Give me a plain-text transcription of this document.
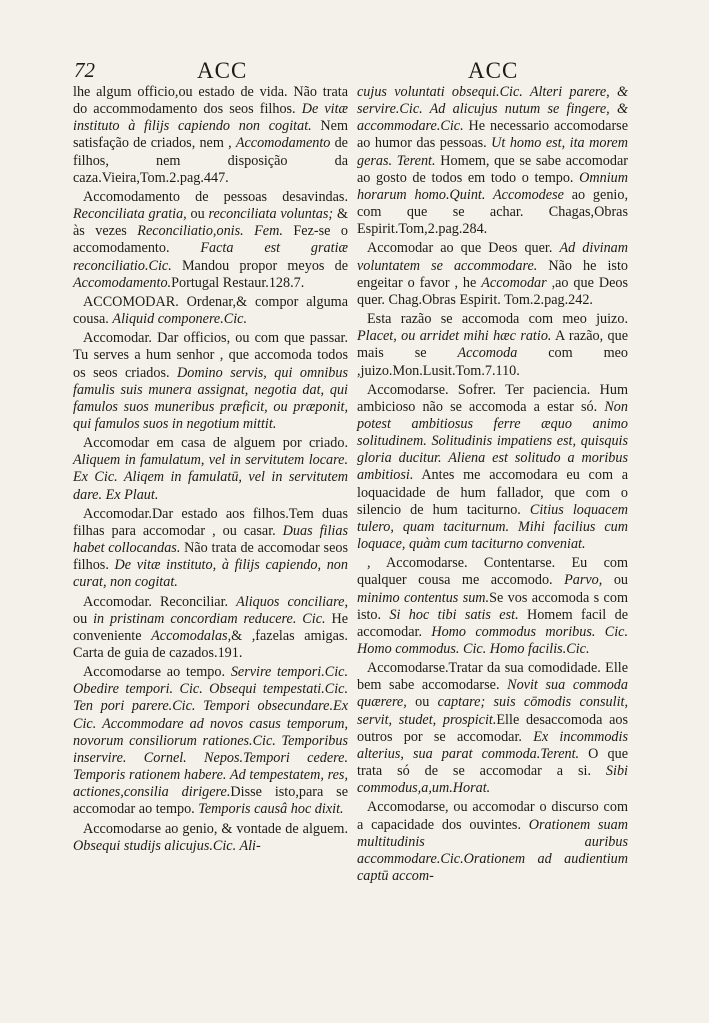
72	ACC	ACC

lhe algum officio,ou estado de vida. Não trata do accommodamento dos seos filhos. De vitæ instituto à filijs capiendo non cogitat. Nem satisfação de criados, nem , Accomodamento de filhos, nem disposição da caza.Vieira,Tom.2.pag.447.

Accomodamento de pessoas desavindas. Reconciliata gratia, ou reconciliata voluntas; & às vezes Reconciliatio,onis. Fem. Fez-se o accomodamento. Facta est gratiæ reconciliatio.Cic. Mandou propor meyos de Accomodamento.Portugal Restaur.128.7.

ACCOMODAR. Ordenar,& compor alguma cousa. Aliquid componere.Cic.

Accomodar. Dar officios, ou com que passar. Tu serves a hum senhor , que accomoda todos os seos criados. Domino servis, qui omnibus famulis suis munera assignat, negotia dat, qui famulos suos muneribus præficit, ou præponit, qui famulos suos in negotium mittit.

Accomodar em casa de alguem por criado. Aliquem in famulatum, vel in servitutem locare. Ex Cic. Aliqem in famulatū, vel in servitutem dare. Ex Plaut.

Accomodar.Dar estado aos filhos.Tem duas filhas para accomodar , ou casar. Duas filias habet collocandas. Não trata de accomodar seos filhos. De vitæ instituto, à filijs capiendo, non curat, non cogitat.

Accomodar. Reconciliar. Aliquos conciliare, ou in pristinam concordiam reducere. Cic. He conveniente Accomodalas,& ,fazelas amigas. Carta de guia de cazados.191.

Accomodarse ao tempo. Servire tempori.Cic. Obedire tempori. Cic. Obsequi tempestati.Cic. Ten pori parere.Cic. Tempori obsecundare.Ex Cic. Accommodare ad novos casus temporum, novorum consiliorum rationes.Cic. Temporibus inservire. Cornel. Nepos.Tempori cedere. Temporis rationem habere. Ad tempestatem, res, actiones,consilia dirigere.Disse isto,para se accomodar ao tempo. Temporis causâ hoc dixit.

Accomodarse ao genio, & vontade de alguem. Obsequi studijs alicujus.Cic. Ali-

cujus voluntati obsequi.Cic. Alteri parere, & servire.Cic. Ad alicujus nutum se fingere, & accommodare.Cic. He necessario accomodarse ao humor das pessoas. Ut homo est, ita morem geras. Terent. Homem, que se sabe accomodar ao gosto de todos em todo o tempo. Omnium horarum homo.Quint. Accomodese ao genio, com que se achar. Chagas,Obras Espirit.Tom,2.pag.284.

Accomodar ao que Deos quer. Ad divinam voluntatem se accommodare. Não he isto engeitar o favor , he Accomodar ,ao que Deos quer. Chag.Obras Espirit. Tom.2.pag.242.

Esta razão se accomoda com meo juizo. Placet, ou arridet mihi hæc ratio. A razão, que mais se Accomoda com meo ,juizo.Mon.Lusit.Tom.7.110.

Accomodarse. Sofrer. Ter paciencia. Hum ambicioso não se accomoda a estar só. Non potest ambitiosus ferre æquo animo solitudinem. Solitudinis impatiens est, quisquis gloria ducitur. Aliena est solitudo a moribus ambitiosi. Antes me accomodara eu com a loquacidade de hum fallador, que com o silencio de hum taciturno. Citius loquacem tulero, quam taciturnum. Mihi facilius cum loquace, quàm cum taciturno conveniat.

, Accomodarse. Contentarse. Eu com qualquer cousa me accomodo. Parvo, ou minimo contentus sum.Se vos accomoda s com isto. Si hoc tibi satis est. Homem facil de accomodar. Homo commodus moribus. Cic. Homo commodus. Cic. Homo facilis.Cic.

Accomodarse.Tratar da sua comodidade. Elle bem sabe accomodarse. Novit sua commoda quærere, ou captare; suis cōmodis consulit, servit, studet, prospicit.Elle desaccomoda aos outros por se accomodar. Ex incommodis alterius, sua parat commoda.Terent. O que trata só de se accomodar a si. Sibi commodus,a,um.Horat.

Accomodarse, ou accomodar o discurso com a capacidade dos ouvintes. Orationem suam multitudinis auribus accommodare.Cic.Orationem ad audientium captū accom-
